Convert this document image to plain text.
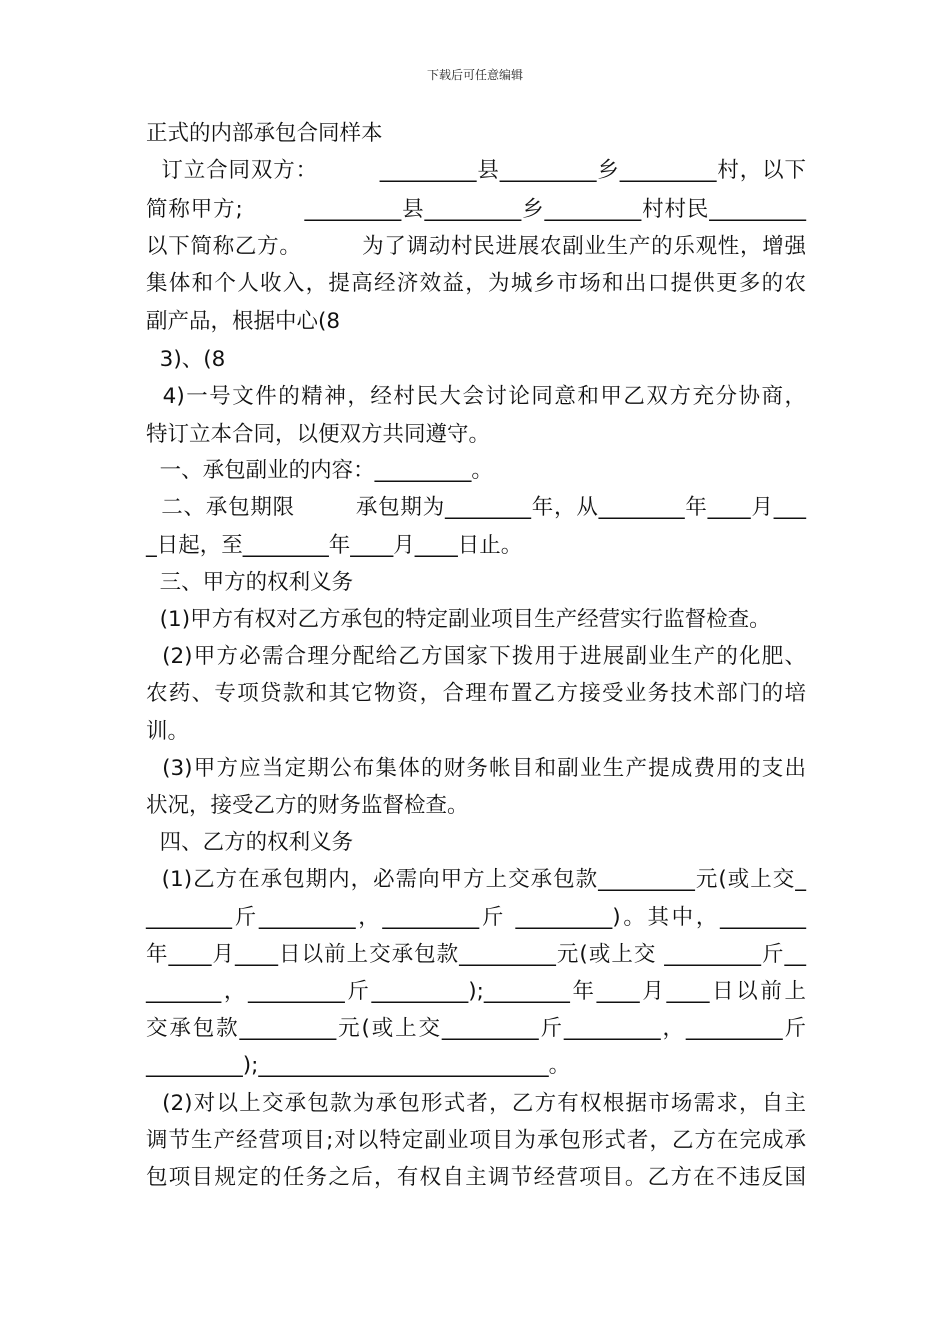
下载后可任意编辑
正式的内部承包合同样本
订立合同双方：        _________县_________乡_________村，以下
简称甲方;        _________县_________乡_________村村民_________
以下简称乙方。        为了调动村民进展农副业生产的乐观性，增强
集体和个人收入，提高经济效益，为城乡市场和出口提供更多的农
副产品，根据中心(8
3)、(8
4)一号文件的精神，经村民大会讨论同意和甲乙双方充分协商，
特订立本合同，以便双方共同遵守。
一、承包副业的内容：_________。
二、承包期限        承包期为________年，从________年____月___
_日起，至________年____月____日止。
三、甲方的权利义务
(1)甲方有权对乙方承包的特定副业项目生产经营实行监督检查。
(2)甲方必需合理分配给乙方国家下拨用于进展副业生产的化肥、
农药、专项贷款和其它物资，合理布置乙方接受业务技术部门的培
训。
(3)甲方应当定期公布集体的财务帐目和副业生产提成费用的支出
状况，接受乙方的财务监督检查。
四、乙方的权利义务
(1)乙方在承包期内，必需向甲方上交承包款_________元(或上交_
________斤_________，_________斤 _________)。其中，________
年____月____日以前上交承包款_________元(或上交 _________斤__
_______，_________斤_________);________年____月____日以前上
交承包款_________元(或上交_________斤_________，_________斤
_________);___________________________。
(2)对以上交承包款为承包形式者，乙方有权根据市场需求，自主
调节生产经营项目;对以特定副业项目为承包形式者，乙方在完成承
包项目规定的任务之后，有权自主调节经营项目。乙方在不违反国
